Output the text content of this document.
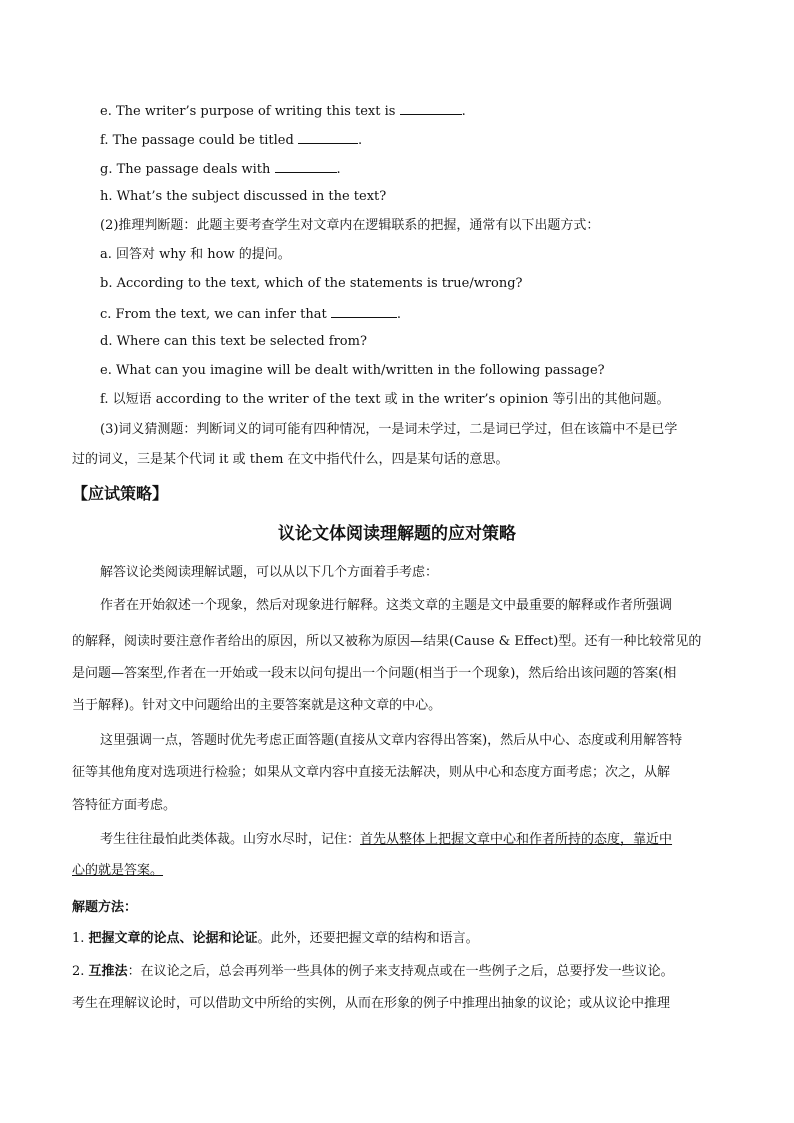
e. The writer’s purpose of writing this text is	.
f. The passage could be titled	.
g. The passage deals with	.
h. What’s the subject discussed in the text?
(2)推理判断题：此题主要考查学生对文章内在逻辑联系的把握，通常有以下出题方式：
a. 回答对 why 和 how 的提问。
b. According to the text, which of the statements is true/wrong?
c. From the text, we can infer that	.
d. Where can this text be selected from?
e. What can you imagine will be dealt with/written in the following passage?
f. 以短语 according to the writer of the text 或 in the writer’s opinion 等引出的其他问题。
(3)词义猜测题：判断词义的词可能有四种情况，一是词未学过，二是词已学过，但在该篇中不是已学
过的词义，三是某个代词 it 或 them 在文中指代什么，四是某句话的意思。
【应试策略】
议论文体阅读理解题的应对策略
解答议论类阅读理解试题，可以从以下几个方面着手考虑：
作者在开始叙述一个现象，然后对现象进行解释。这类文章的主题是文中最重要的解释或作者所强调
的解释，阅读时要注意作者给出的原因，所以又被称为原因—结果(Cause & Effect)型。还有一种比较常见的
是问题—答案型,作者在一开始或一段末以问句提出一个问题(相当于一个现象)，然后给出该问题的答案(相
当于解释)。针对文中问题给出的主要答案就是这种文章的中心。
这里强调一点，答题时优先考虑正面答题(直接从文章内容得出答案)，然后从中心、态度或利用解答特
征等其他角度对选项进行检验；如果从文章内容中直接无法解决，则从中心和态度方面考虑；次之，从解
答特征方面考虑。
考生往往最怕此类体裁。山穷水尽时，记住：首先从整体上把握文章中心和作者所持的态度，靠近中
心的就是答案。
解题方法：
1. 把握文章的论点、论据和论证。此外，还要把握文章的结构和语言。
2. 互推法：在议论之后，总会再列举一些具体的例子来支持观点或在一些例子之后，总要抒发一些议论。
考生在理解议论时，可以借助文中所给的实例，从而在形象的例子中推理出抽象的议论；或从议论中推理
